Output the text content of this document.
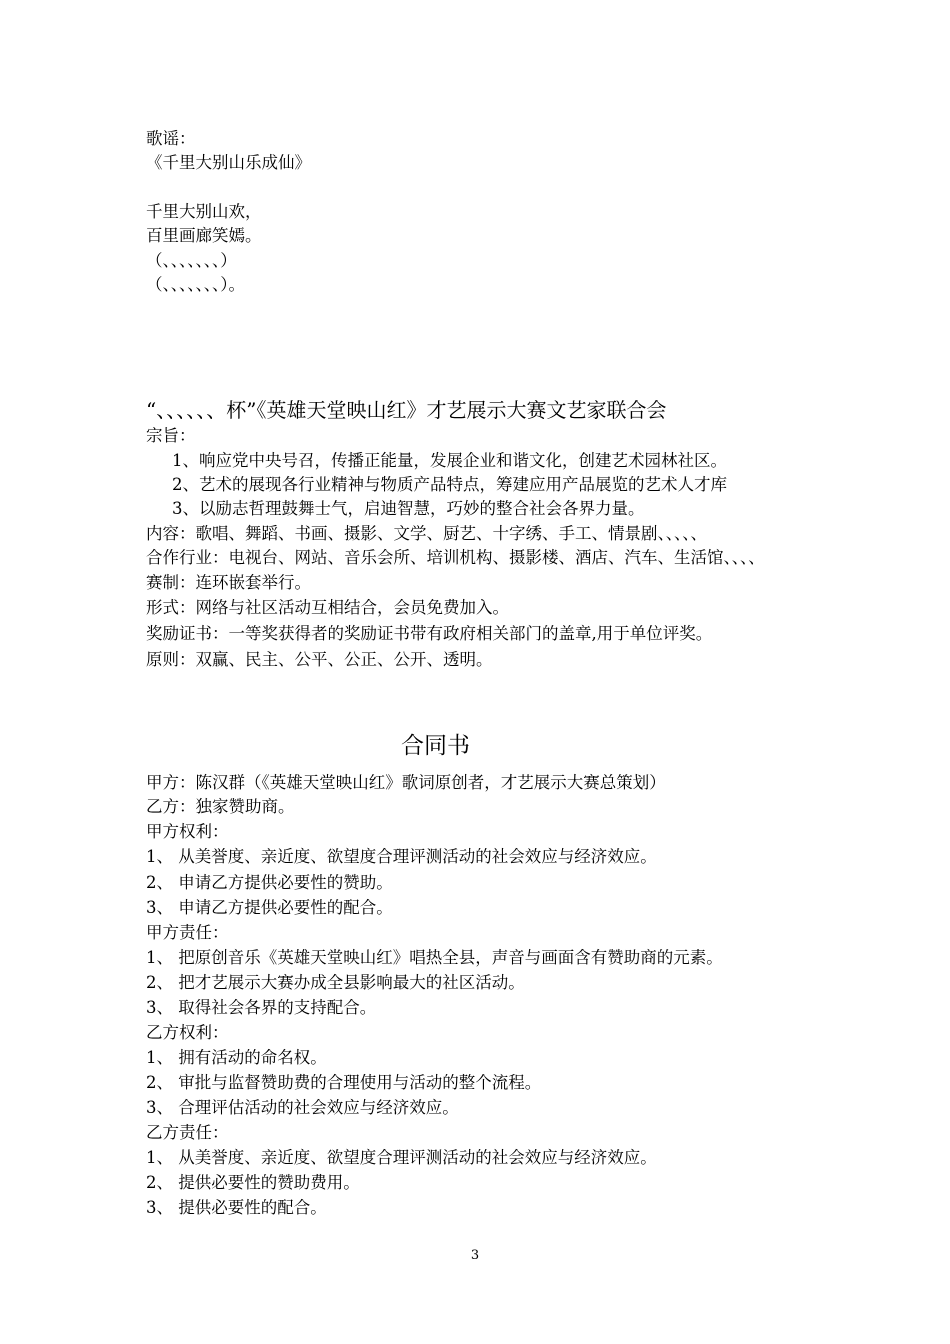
歌谣：
《千里大别山乐成仙》
千里大别山欢，
百里画廊笑嫣。
（、、、、、、、）
（、、、、、、、）。
“、、、、、、杯”《英雄天堂映山红》才艺展示大赛文艺家联合会
宗旨：
1、响应党中央号召，传播正能量，发展企业和谐文化，创建艺术园林社区。
2、艺术的展现各行业精神与物质产品特点，筹建应用产品展览的艺术人才库
3、以励志哲理鼓舞士气，启迪智慧，巧妙的整合社会各界力量。
内容：歌唱、舞蹈、书画、摄影、文学、厨艺、十字绣、手工、情景剧、、、、、
合作行业：电视台、网站、音乐会所、培训机构、摄影楼、酒店、汽车、生活馆、、、、
赛制：连环嵌套举行。
形式：网络与社区活动互相结合，会员免费加入。
奖励证书：一等奖获得者的奖励证书带有政府相关部门的盖章,用于单位评奖。
原则：双赢、民主、公平、公正、公开、透明。
合同书
甲方：陈汉群（《英雄天堂映山红》歌词原创者，才艺展示大赛总策划）
乙方：独家赞助商。
甲方权利：
1、 从美誉度、亲近度、欲望度合理评测活动的社会效应与经济效应。
2、 申请乙方提供必要性的赞助。
3、 申请乙方提供必要性的配合。
甲方责任：
1、 把原创音乐《英雄天堂映山红》唱热全县，声音与画面含有赞助商的元素。
2、 把才艺展示大赛办成全县影响最大的社区活动。
3、 取得社会各界的支持配合。
乙方权利：
1、 拥有活动的命名权。
2、 审批与监督赞助费的合理使用与活动的整个流程。
3、 合理评估活动的社会效应与经济效应。
乙方责任：
1、 从美誉度、亲近度、欲望度合理评测活动的社会效应与经济效应。
2、 提供必要性的赞助费用。
3、 提供必要性的配合。
3
